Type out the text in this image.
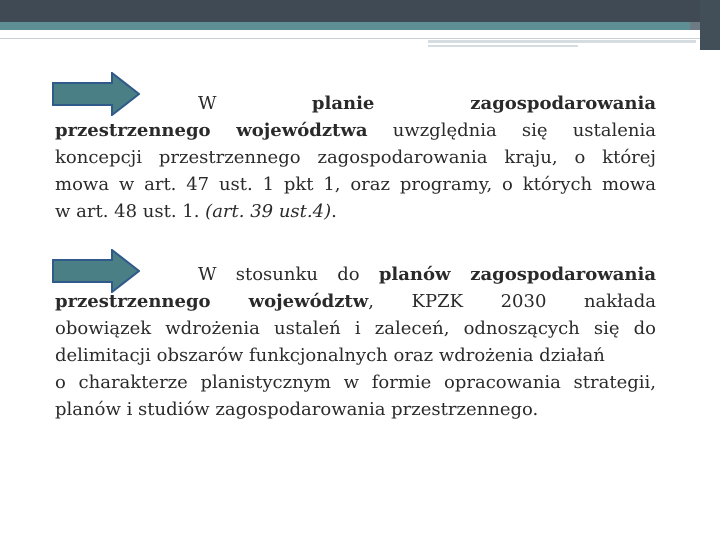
W planie zagospodarowania
przestrzennego województwa uwzględnia się ustalenia
koncepcji przestrzennego zagospodarowania kraju, o której
mowa w art. 47 ust. 1 pkt 1, oraz programy, o których mowa
w art. 48 ust. 1. (art. 39 ust.4).
W stosunku do planów zagospodarowania
przestrzennego województw, KPZK 2030 nakłada
obowiązek wdrożenia ustaleń i zaleceń, odnoszących się do
delimitacji obszarów funkcjonalnych oraz wdrożenia działań
o charakterze planistycznym w formie opracowania strategii,
planów i studiów zagospodarowania przestrzennego.
